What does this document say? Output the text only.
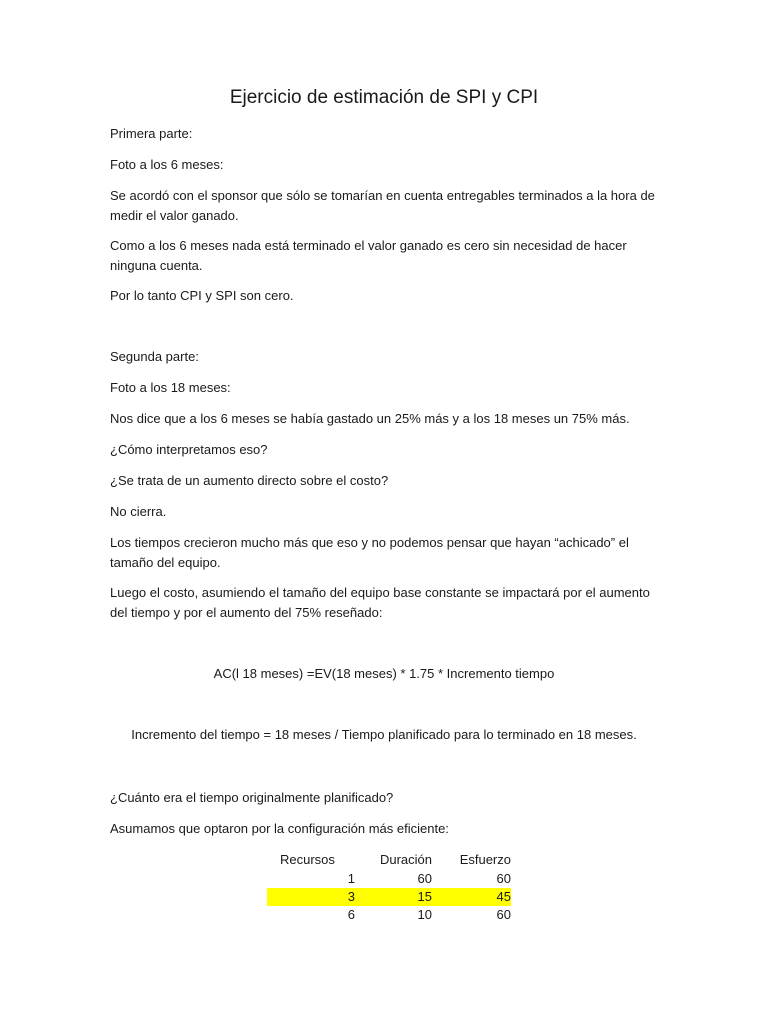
Ejercicio de estimación de SPI y CPI

Primera parte:

Foto a los 6 meses:

Se acordó con el sponsor que sólo se tomarían en cuenta entregables terminados a la hora de medir el valor ganado.

Como a los 6 meses nada está terminado el valor ganado es cero sin necesidad de hacer ninguna cuenta.

Por lo tanto CPI y SPI son cero.

Segunda parte:

Foto a los 18 meses:

Nos dice que a los 6 meses se había gastado un 25% más y a los 18 meses un 75% más.

¿Cómo interpretamos eso?

¿Se trata de un aumento directo sobre el costo?

No cierra.

Los tiempos crecieron mucho más que eso y no podemos pensar que hayan “achicado” el tamaño del equipo.

Luego el costo, asumiendo el tamaño del equipo base constante se impactará por el aumento del tiempo y por el aumento del 75% reseñado:

AC(l 18 meses) =EV(18 meses) * 1.75 * Incremento tiempo

Incremento del tiempo = 18 meses / Tiempo planificado para lo terminado en 18 meses.

¿Cuánto era el tiempo originalmente planificado?

Asumamos que optaron por la configuración más eficiente:

Recursos	Duración	Esfuerzo
1	60	60
3	15	45
6	10	60
